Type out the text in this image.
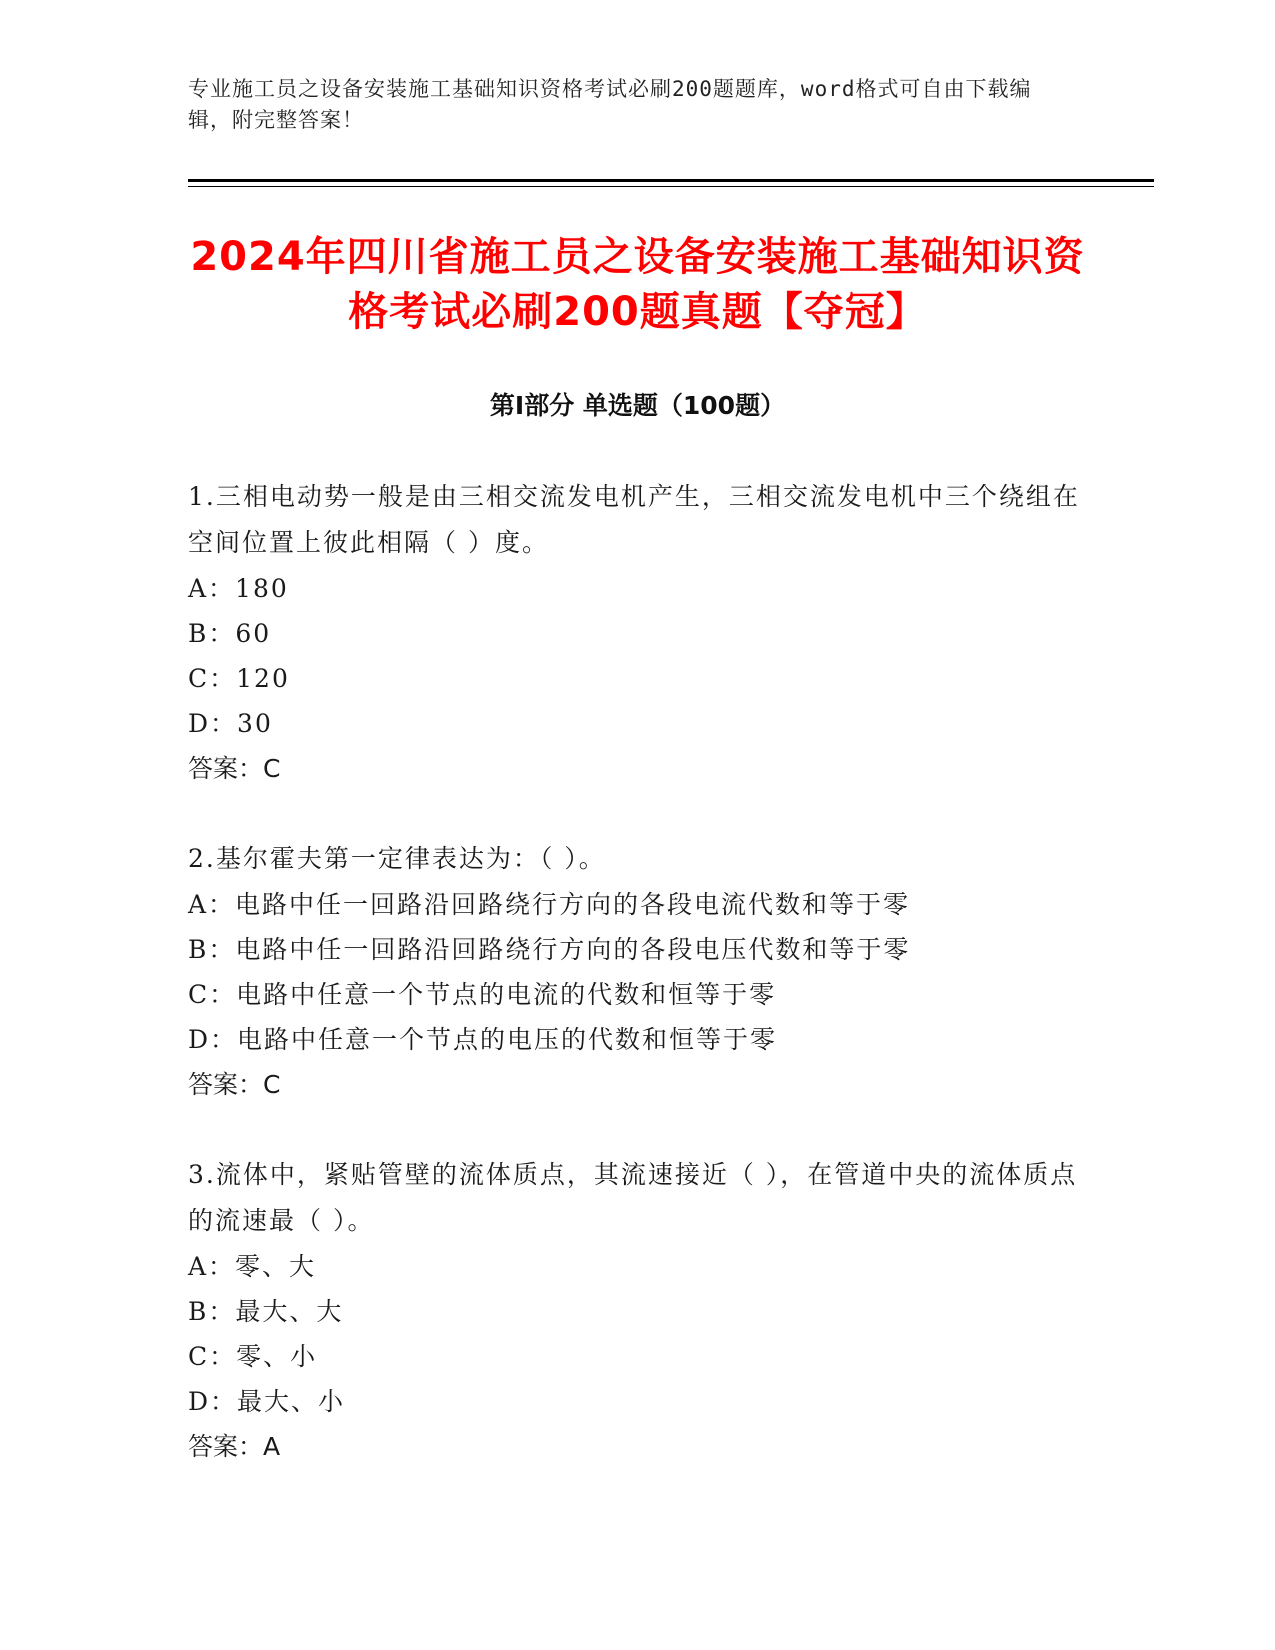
专业施工员之设备安装施工基础知识资格考试必刷200题题库，word格式可自由下载编辑，附完整答案！
2024年四川省施工员之设备安装施工基础知识资格考试必刷200题真题【夺冠】
第Ⅰ部分 单选题（100题）

1.三相电动势一般是由三相交流发电机产生，三相交流发电机中三个绕组在空间位置上彼此相隔（ ）度。

A：180

B：60

C：120

D：30

答案：C

2.基尔霍夫第一定律表达为：（ ）。

A：电路中任一回路沿回路绕行方向的各段电流代数和等于零

B：电路中任一回路沿回路绕行方向的各段电压代数和等于零

C：电路中任意一个节点的电流的代数和恒等于零

D：电路中任意一个节点的电压的代数和恒等于零

答案：C

3.流体中，紧贴管壁的流体质点，其流速接近（ ），在管道中央的流体质点的流速最（ ）。

A：零、大

B：最大、大

C：零、小

D：最大、小

答案：A
